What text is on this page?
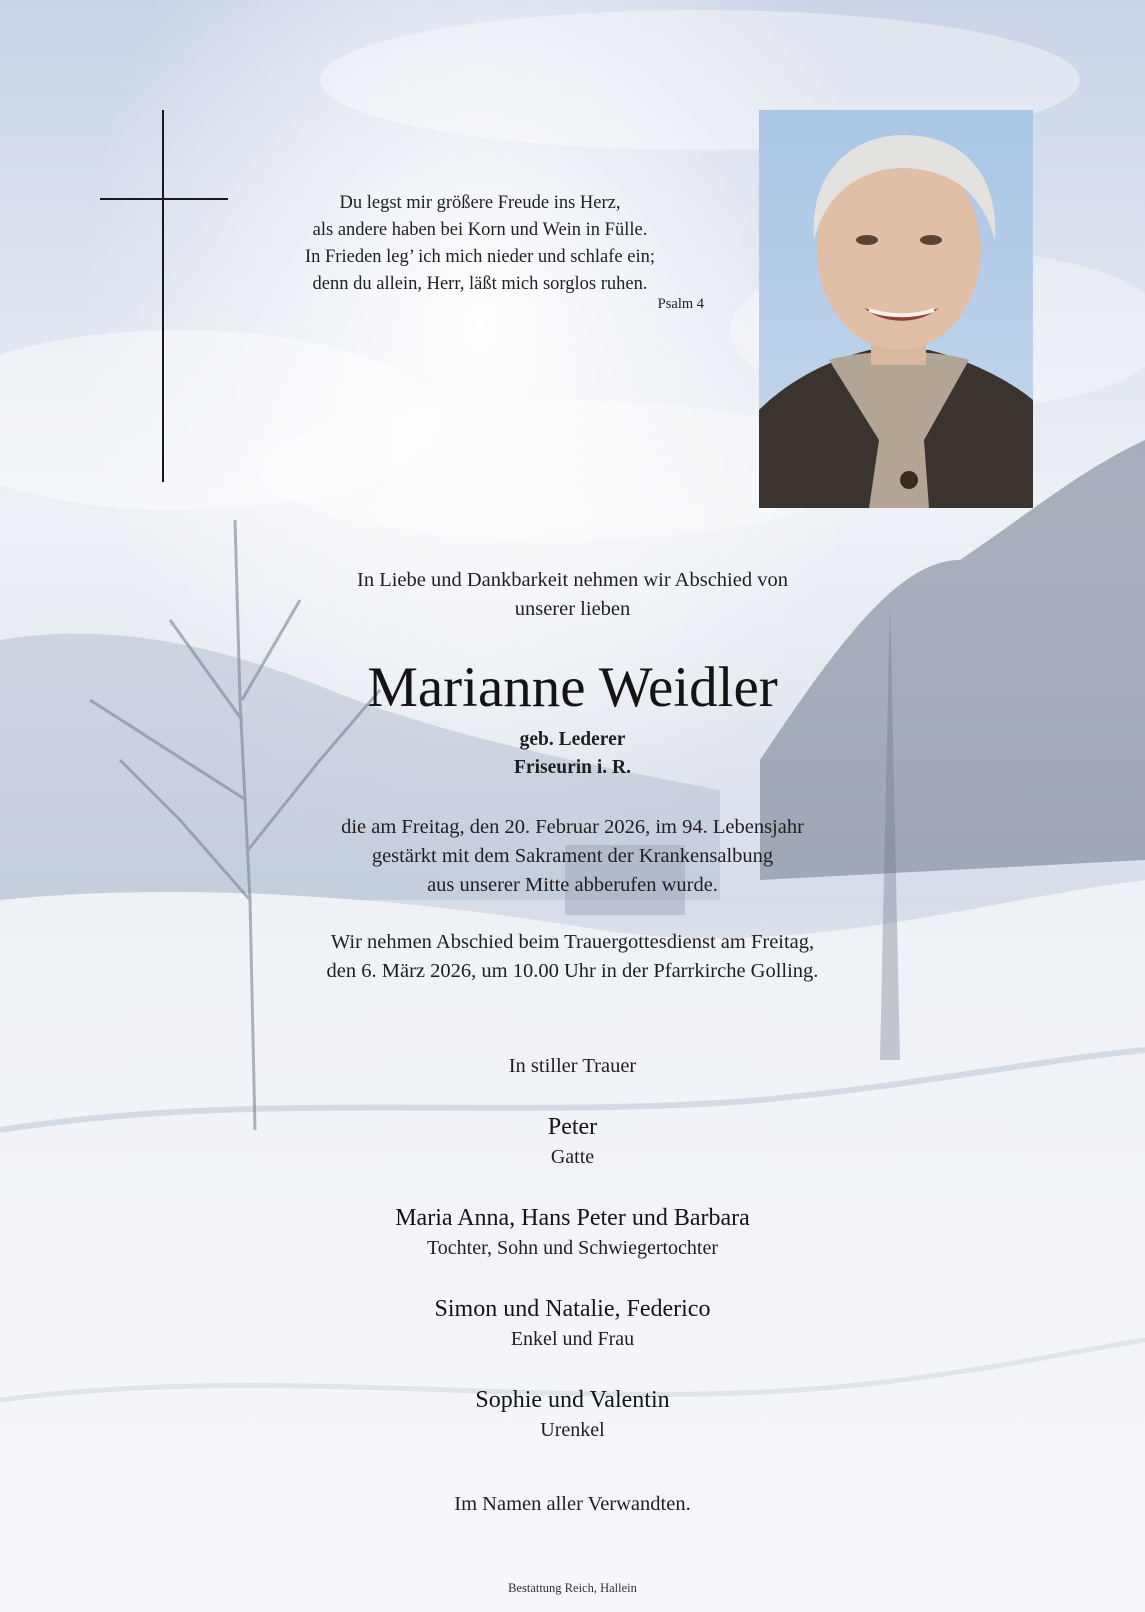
Du legst mir größere Freude ins Herz,
als andere haben bei Korn und Wein in Fülle.
In Frieden leg’ ich mich nieder und schlafe ein;
denn du allein, Herr, läßt mich sorglos ruhen.
Psalm 4
In Liebe und Dankbarkeit nehmen wir Abschied von
unserer lieben
Marianne Weidler
geb. Lederer
Friseurin i. R.
die am Freitag, den 20. Februar 2026, im 94. Lebensjahr
gestärkt mit dem Sakrament der Krankensalbung
aus unserer Mitte abberufen wurde.
Wir nehmen Abschied beim Trauergottesdienst am Freitag,
den 6. März 2026, um 10.00 Uhr in der Pfarrkirche Golling.
In stiller Trauer
Peter
Gatte
Maria Anna, Hans Peter und Barbara
Tochter, Sohn und Schwiegertochter
Simon und Natalie, Federico
Enkel und Frau
Sophie und Valentin
Urenkel
Im Namen aller Verwandten.
Bestattung Reich, Hallein
